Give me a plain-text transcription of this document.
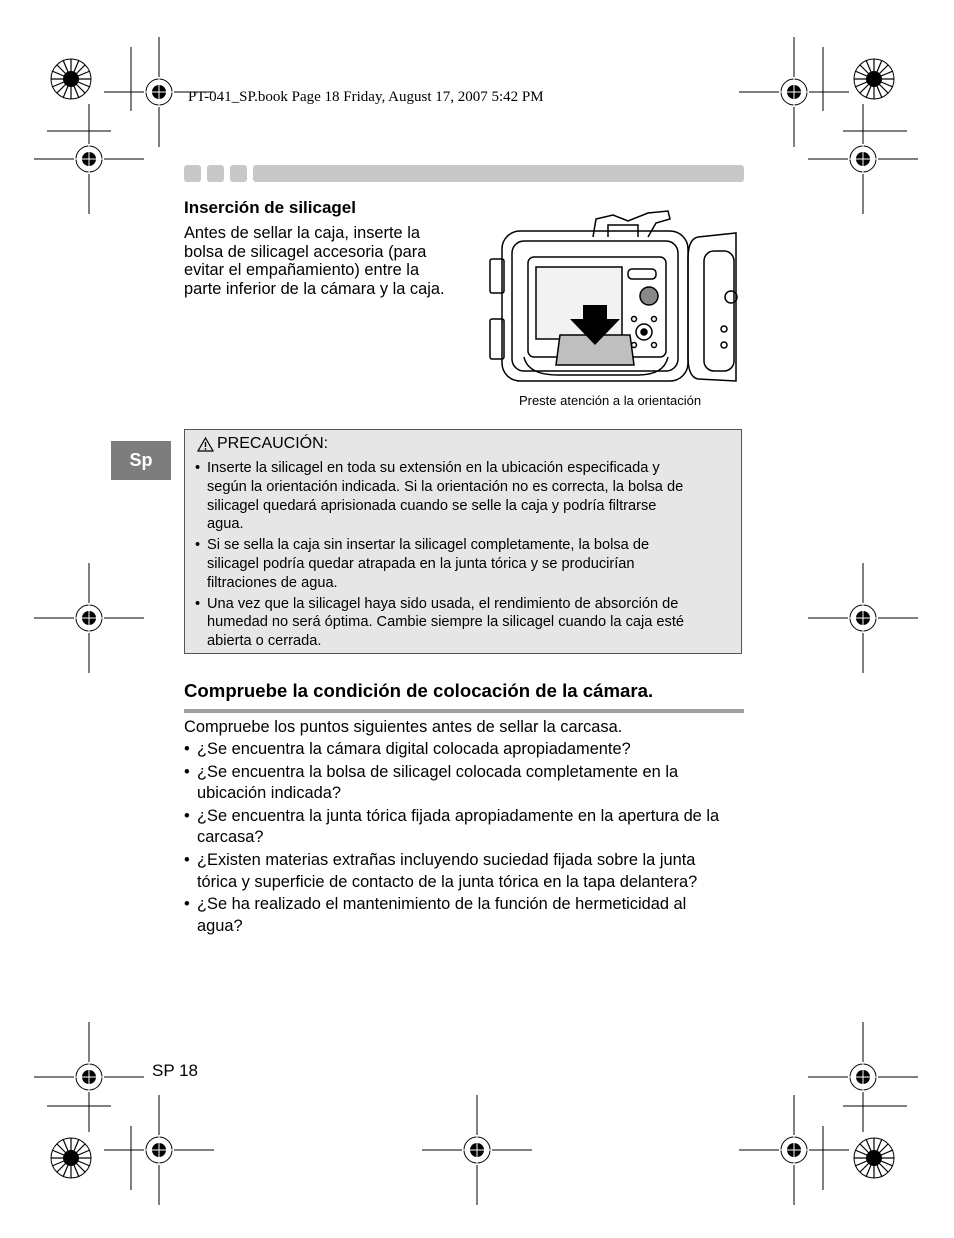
PT-041_SP.book Page 18 Friday, August 17, 2007 5:42 PM
Inserción de silicagel
Antes de sellar la caja, inserte la
bolsa de silicagel accesoria (para
evitar el empañamiento) entre la
parte inferior de la cámara y la caja.
Preste atención a la orientación
Sp
PRECAUCIÓN:
• Inserte la silicagel en toda su extensión en la ubicación especificada y
según la orientación indicada. Si la orientación no es correcta, la bolsa de
silicagel quedará aprisionada cuando se selle la caja y podría filtrarse
agua.
• Si se sella la caja sin insertar la silicagel completamente, la bolsa de
silicagel podría quedar atrapada en la junta tórica y se producirían
filtraciones de agua.
• Una vez que la silicagel haya sido usada, el rendimiento de absorción de
humedad no será óptima. Cambie siempre la silicagel cuando la caja esté
abierta o cerrada.
Compruebe la condición de colocación de la cámara.
Compruebe los puntos siguientes antes de sellar la carcasa.
• ¿Se encuentra la cámara digital colocada apropiadamente?
• ¿Se encuentra la bolsa de silicagel colocada completamente en la
ubicación indicada?
• ¿Se encuentra la junta tórica fijada apropiadamente en la apertura de la
carcasa?
• ¿Existen materias extrañas incluyendo suciedad fijada sobre la junta
tórica y superficie de contacto de la junta tórica en la tapa delantera?
• ¿Se ha realizado el mantenimiento de la función de hermeticidad al
agua?
SP 18
